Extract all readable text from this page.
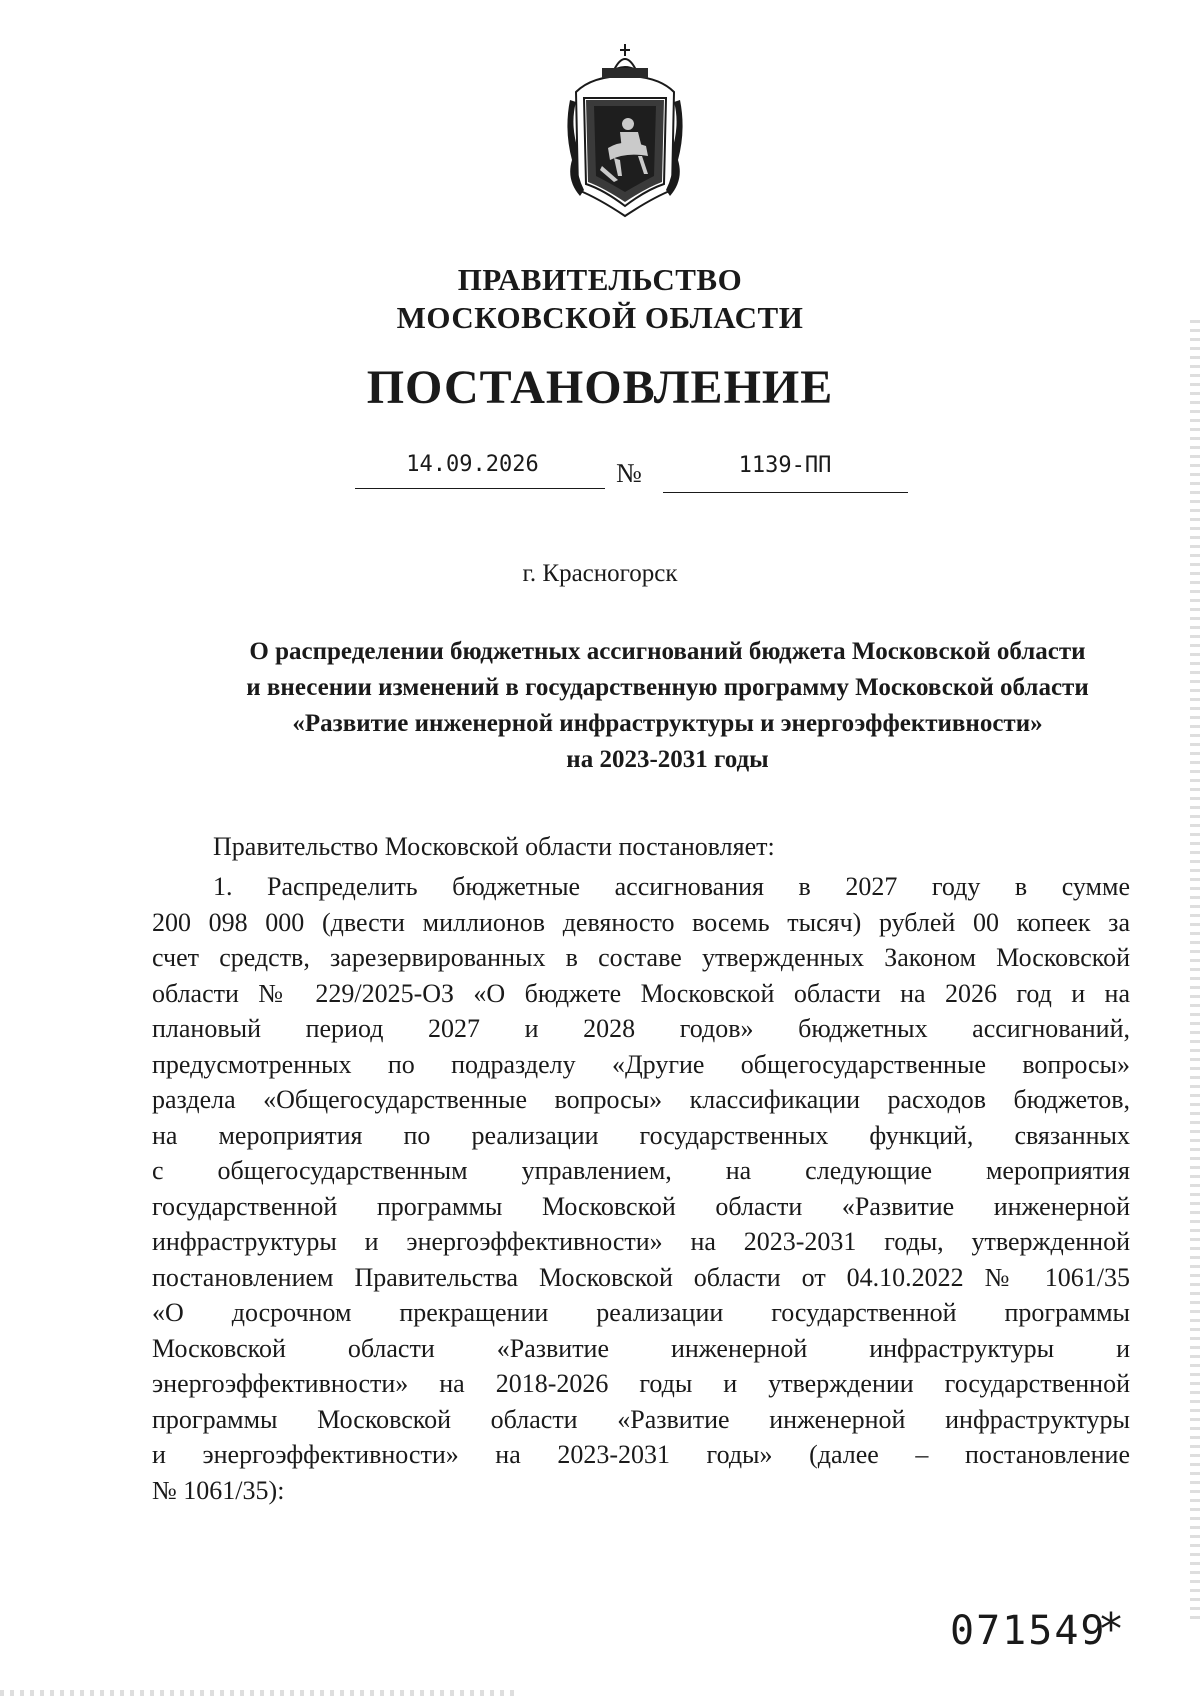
ПРАВИТЕЛЬСТВО
МОСКОВСКОЙ ОБЛАСТИ
ПОСТАНОВЛЕНИЕ
14.09.2026	№	1139-ПП
г. Красногорск
О распределении бюджетных ассигнований бюджета Московской области
и внесении изменений в государственную программу Московской области
«Развитие инженерной инфраструктуры и энергоэффективности»
на 2023-2031 годы
Правительство Московской области постановляет:
1. Распределить бюджетные ассигнования в 2027 году в сумме
200 098 000 (двести миллионов девяносто восемь тысяч) рублей 00 копеек за
счет средств, зарезервированных в составе утвержденных Законом Московской
области № 229/2025-ОЗ «О бюджете Московской области на 2026 год и на
плановый период 2027 и 2028 годов» бюджетных ассигнований,
предусмотренных по подразделу «Другие общегосударственные вопросы»
раздела «Общегосударственные вопросы» классификации расходов бюджетов,
на мероприятия по реализации государственных функций, связанных
с общегосударственным управлением, на следующие мероприятия
государственной программы Московской области «Развитие инженерной
инфраструктуры и энергоэффективности» на 2023-2031 годы, утвержденной
постановлением Правительства Московской области от 04.10.2022 № 1061/35
«О досрочном прекращении реализации государственной программы
Московской области «Развитие инженерной инфраструктуры и
энергоэффективности» на 2018-2026 годы и утверждении государственной
программы Московской области «Развитие инженерной инфраструктуры
и энергоэффективности» на 2023-2031 годы» (далее – постановление
№ 1061/35):
071549
*
